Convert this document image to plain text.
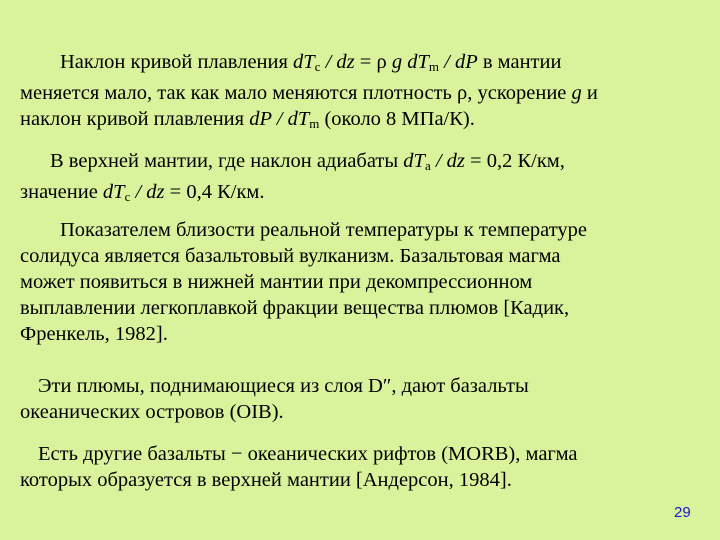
Наклон кривой плавления $dT_c$ / dz = ρ g $dT_m$ / dP в мантии
меняется мало, так как мало меняются плотность ρ, ускорение g и
наклон кривой плавления dP / $dT_m$ (около 8 МПа/К).
В верхней мантии, где наклон адиабаты $dT_a$ / dz = 0,2 К/км,
значение $dT_c$ / dz = 0,4 К/км.
Показателем близости реальной температуры к температуре
солидуса является базальтовый вулканизм. Базальтовая магма
может появиться в нижней мантии при декомпрессионном
выплавлении легкоплавкой фракции вещества плюмов [Кадик,
Френкель, 1982].
Эти плюмы, поднимающиеся из слоя D″, дают базальты
океанических островов (OIB).
Есть другие базальты − океанических рифтов (MORB), магма
которых образуется в верхней мантии [Андерсон, 1984].
29
